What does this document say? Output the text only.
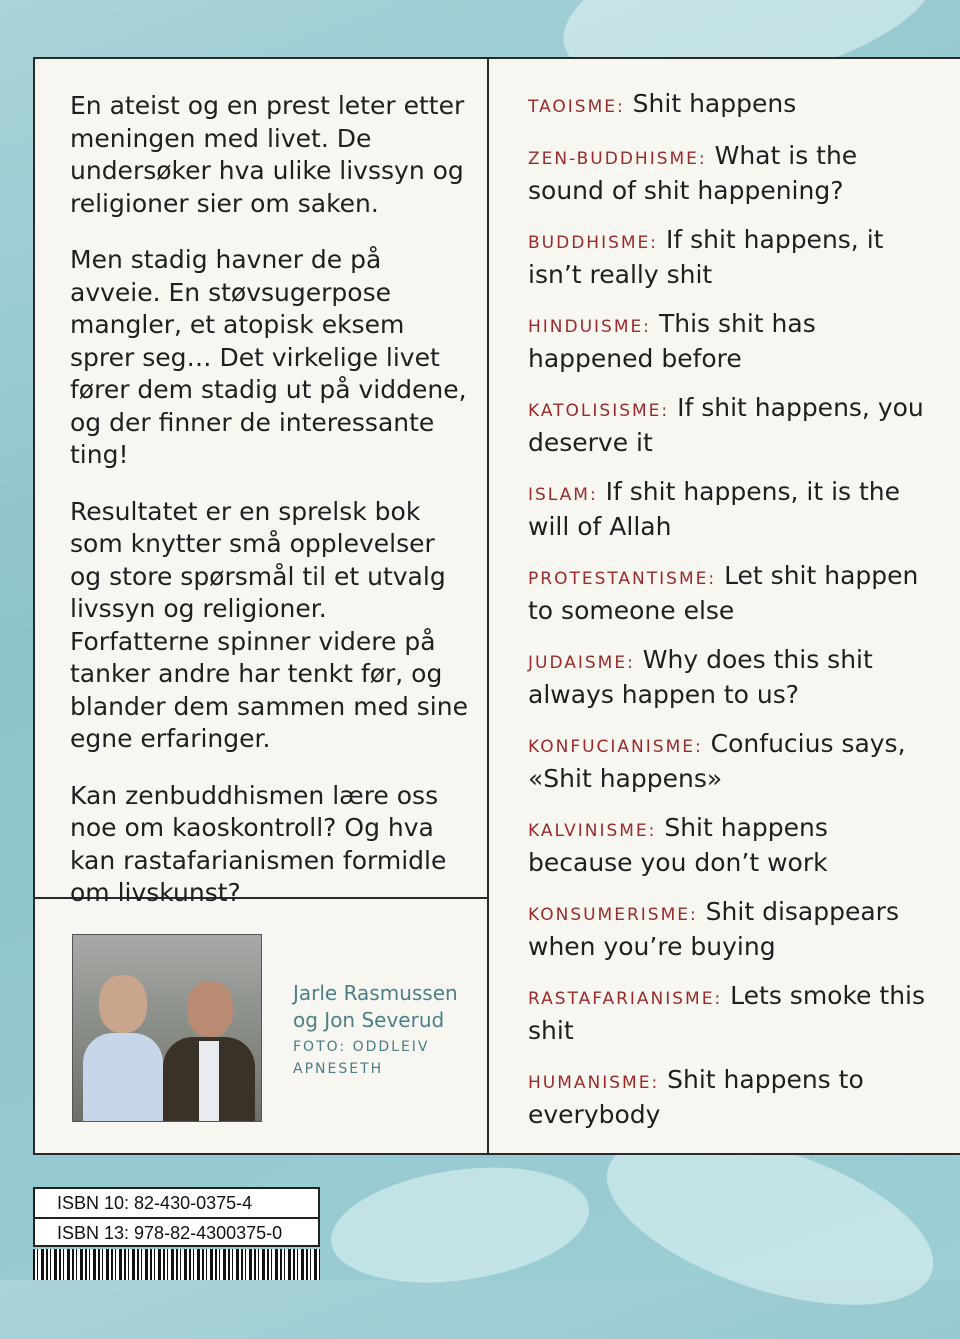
En ateist og en prest leter etter meningen med livet. De undersøker hva ulike livssyn og religioner sier om saken.

Men stadig havner de på avveie. En støvsugerpose mangler, et atopisk eksem sprer seg… Det virkelige livet fører dem stadig ut på viddene, og der finner de interessante ting!

Resultatet er en sprelsk bok som knytter små opplevelser og store spørsmål til et utvalg livssyn og religioner. Forfatterne spinner videre på tanker andre har tenkt før, og blander dem sammen med sine egne erfaringer.

Kan zenbuddhismen lære oss noe om kaoskontroll? Og hva kan rastafarianismen formidle om livskunst?

TAOISME: Shit happens
ZEN-BUDDHISME: What is the sound of shit happening?
BUDDHISME: If shit happens, it isn’t really shit
HINDUISME: This shit has happened before
KATOLISISME: If shit happens, you deserve it
ISLAM: If shit happens, it is the will of Allah
PROTESTANTISME: Let shit happen to someone else
JUDAISME: Why does this shit always happen to us?
KONFUCIANISME: Confucius says, «Shit happens»
KALVINISME: Shit happens because you don’t work
KONSUMERISME: Shit disappears when you’re buying
RASTAFARIANISME: Lets smoke this shit
HUMANISME: Shit happens to everybody
Jarle Rasmussen
og Jon Severud
FOTO: ODDLEIV
APNESETH
ISBN 10: 82-430-0375-4
ISBN 13: 978-82-4300375-0
